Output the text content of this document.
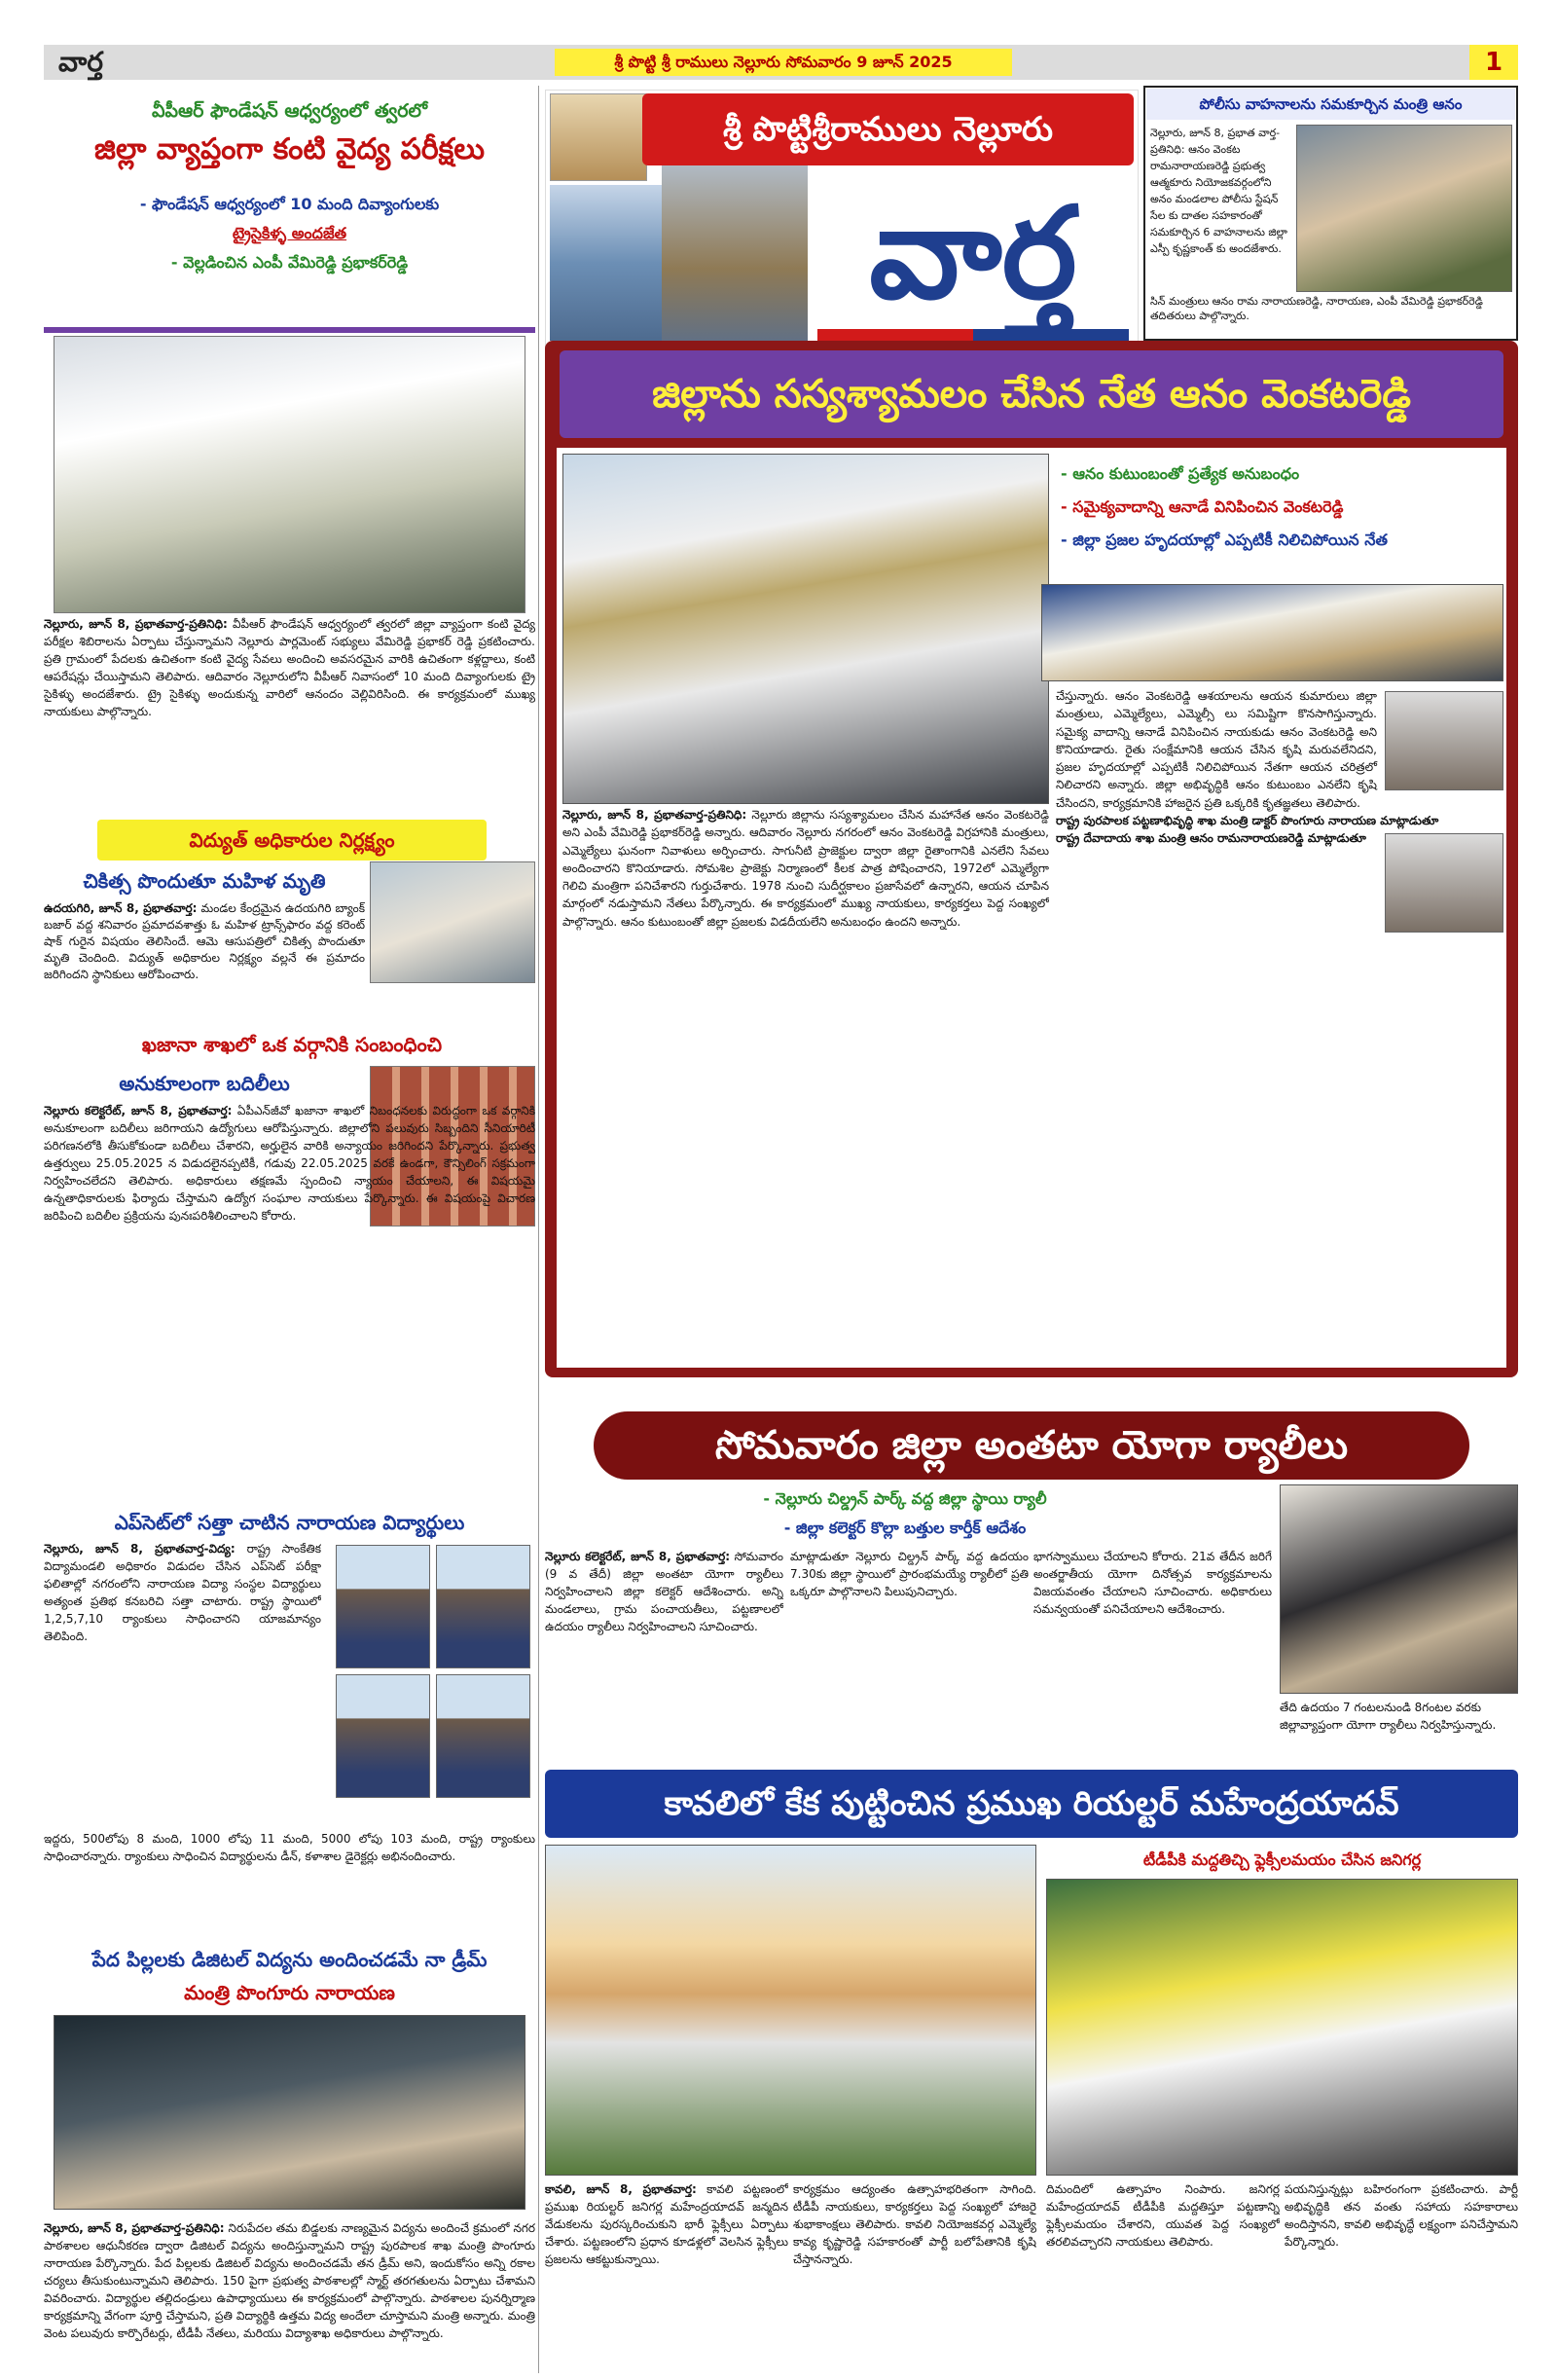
వార్త	శ్రీ పొట్టి శ్రీ రాములు నెల్లూరు సోమవారం 9 జూన్ 2025	1
శ్రీ పొట్టిశ్రీరాములు నెల్లూరు
వార్త
పోలీసు వాహనాలను సమకూర్చిన మంత్రి ఆనం
నెల్లూరు, జూన్ 8, ప్రభాత వార్త-ప్రతినిధి: ఆనం వెంకట రామనారాయణరెడ్డి ప్రభుత్వ ఆత్మకూరు నియోజకవర్గంలోని అనం మండలాల పోలీసు స్టేషన్ సేల కు దాతల సహకారంతో సమకూర్చిన 6 వాహనాలను జిల్లా ఎస్పీ కృష్ణకాంత్ కు అందజేశారు.
సిన్ మంత్రులు ఆనం రామ నారాయణరెడ్డి, నారాయణ, ఎంపీ వేమిరెడ్డి ప్రభాకర్‌రెడ్డి తదితరులు పాల్గొన్నారు.
వీపీఆర్ ఫౌండేషన్ ఆధ్వర్యంలో త్వరలో
జిల్లా వ్యాప్తంగా కంటి వైద్య పరీక్షలు
- ఫౌండేషన్ ఆధ్వర్యంలో 10 మంది దివ్యాంగులకు
ట్రైసైకిళ్ళ అందజేత
- వెల్లడించిన ఎంపీ వేమిరెడ్డి ప్రభాకర్‌రెడ్డి
నెల్లూరు, జూన్ 8, ప్రభాతవార్త-ప్రతినిధి: వీపీఆర్ ఫౌండేషన్ ఆధ్వర్యంలో త్వరలో జిల్లా వ్యాప్తంగా కంటి వైద్య పరీక్షల శిబిరాలను ఏర్పాటు చేస్తున్నామని నెల్లూరు పార్లమెంట్ సభ్యులు వేమిరెడ్డి ప్రభాకర్ రెడ్డి ప్రకటించారు. ప్రతి గ్రామంలో పేదలకు ఉచితంగా కంటి వైద్య సేవలు అందించి అవసరమైన వారికి ఉచితంగా కళ్లద్దాలు, కంటి ఆపరేషన్లు చేయిస్తామని తెలిపారు. ఆదివారం నెల్లూరులోని వీపీఆర్ నివాసంలో 10 మంది దివ్యాంగులకు ట్రై సైకిళ్ళు అందజేశారు. ట్రై సైకిళ్ళు అందుకున్న వారిలో ఆనందం వెల్లివిరిసింది. ఈ కార్యక్రమంలో ముఖ్య నాయకులు పాల్గొన్నారు.
విద్యుత్ అధికారుల నిర్లక్ష్యం
చికిత్స పొందుతూ మహిళ మృతి
ఉదయగిరి, జూన్ 8, ప్రభాతవార్త: మండల కేంద్రమైన ఉదయగిరి బ్యాంక్ బజార్ వద్ద శనివారం ప్రమాదవశాత్తు ఓ మహిళ ట్రాన్స్‌ఫారం వద్ద కరెంట్ షాక్ గురైన విషయం తెలిసిందే. ఆమె ఆసుపత్రిలో చికిత్స పొందుతూ మృతి చెందింది. విద్యుత్ అధికారుల నిర్లక్ష్యం వల్లనే ఈ ప్రమాదం జరిగిందని స్థానికులు ఆరోపించారు.
ఖజానా శాఖలో ఒక వర్గానికి సంబంధించి
అనుకూలంగా బదిలీలు
నెల్లూరు కలెక్టరేట్, జూన్ 8, ప్రభాతవార్త: ఏపీఎన్‌జీవో ఖజానా శాఖలో నిబంధనలకు విరుద్ధంగా ఒక వర్గానికి అనుకూలంగా బదిలీలు జరిగాయని ఉద్యోగులు ఆరోపిస్తున్నారు. జిల్లాలోని పలువురు సిబ్బందిని సీనియారిటీ పరిగణనలోకి తీసుకోకుండా బదిలీలు చేశారని, అర్హులైన వారికి అన్యాయం జరిగిందని పేర్కొన్నారు. ప్రభుత్వ ఉత్తర్వులు 25.05.2025 న విడుదలైనప్పటికీ, గడువు 22.05.2025 వరకే ఉండగా, కౌన్సిలింగ్ సక్రమంగా నిర్వహించలేదని తెలిపారు. అధికారులు తక్షణమే స్పందించి న్యాయం చేయాలని, ఈ విషయమై ఉన్నతాధికారులకు ఫిర్యాదు చేస్తామని ఉద్యోగ సంఘాల నాయకులు పేర్కొన్నారు. ఈ విషయంపై విచారణ జరిపించి బదిలీల ప్రక్రియను పునఃపరిశీలించాలని కోరారు.
ఎప్‌సెట్‌లో సత్తా చాటిన నారాయణ విద్యార్థులు
నెల్లూరు, జూన్ 8, ప్రభాతవార్త-విద్య: రాష్ట్ర సాంకేతిక విద్యామండలి అధికారం విడుదల చేసిన ఎప్‌సెట్ పరీక్షా ఫలితాల్లో నగరంలోని నారాయణ విద్యా సంస్థల విద్యార్థులు అత్యంత ప్రతిభ కనబరిచి సత్తా చాటారు. రాష్ట్ర స్థాయిలో 1,2,5,7,10 ర్యాంకులు సాధించారని యాజమాన్యం తెలిపింది.
ఇద్దరు, 500లోపు 8 మంది, 1000 లోపు 11 మంది, 5000 లోపు 103 మంది, రాష్ట్ర ర్యాంకులు సాధించారన్నారు. ర్యాంకులు సాధించిన విద్యార్థులను డీన్, కళాశాల డైరెక్టర్లు అభినందించారు.
పేద పిల్లలకు డిజిటల్ విద్యను అందించడమే నా డ్రీమ్
మంత్రి పొంగూరు నారాయణ
నెల్లూరు, జూన్ 8, ప్రభాతవార్త-ప్రతినిధి: నిరుపేదల తమ బిడ్డలకు నాణ్యమైన విద్యను అందించే క్రమంలో నగర పాఠశాలల ఆధునీకరణ ద్వారా డిజిటల్ విద్యను అందిస్తున్నామని రాష్ట్ర పురపాలక శాఖ మంత్రి పొంగూరు నారాయణ పేర్కొన్నారు. పేద పిల్లలకు డిజిటల్ విద్యను అందించడమే తన డ్రీమ్ అని, ఇందుకోసం అన్ని రకాల చర్యలు తీసుకుంటున్నామని తెలిపారు. 150 పైగా ప్రభుత్వ పాఠశాలల్లో స్మార్ట్ తరగతులను ఏర్పాటు చేశామని వివరించారు. విద్యార్థుల తల్లిదండ్రులు ఉపాధ్యాయులు ఈ కార్యక్రమంలో పాల్గొన్నారు. పాఠశాలల పునర్నిర్మాణ కార్యక్రమాన్ని వేగంగా పూర్తి చేస్తామని, ప్రతి విద్యార్థికి ఉత్తమ విద్య అందేలా చూస్తామని మంత్రి అన్నారు. మంత్రి వెంట పలువురు కార్పొరేటర్లు, టీడీపీ నేతలు, మరియు విద్యాశాఖ అధికారులు పాల్గొన్నారు.
జిల్లాను సస్యశ్యామలం చేసిన నేత ఆనం వెంకటరెడ్డి
- ఆనం కుటుంబంతో ప్రత్యేక అనుబంధం
- సమైక్యవాదాన్ని ఆనాడే వినిపించిన వెంకటరెడ్డి
- జిల్లా ప్రజల హృదయాల్లో ఎప్పటికీ నిలిచిపోయిన నేత
నెల్లూరు, జూన్ 8, ప్రభాతవార్త-ప్రతినిధి: నెల్లూరు జిల్లాను సస్యశ్యామలం చేసిన మహానేత ఆనం వెంకటరెడ్డి అని ఎంపీ వేమిరెడ్డి ప్రభాకర్‌రెడ్డి అన్నారు. ఆదివారం నెల్లూరు నగరంలో ఆనం వెంకటరెడ్డి విగ్రహానికి మంత్రులు, ఎమ్మెల్యేలు ఘనంగా నివాళులు అర్పించారు. సాగునీటి ప్రాజెక్టుల ద్వారా జిల్లా రైతాంగానికి ఎనలేని సేవలు అందించారని కొనియాడారు. సోమశిల ప్రాజెక్టు నిర్మాణంలో కీలక పాత్ర పోషించారని, 1972లో ఎమ్మెల్యేగా గెలిచి మంత్రిగా పనిచేశారని గుర్తుచేశారు. 1978 నుంచి సుదీర్ఘకాలం ప్రజాసేవలో ఉన్నారని, ఆయన చూపిన మార్గంలో నడుస్తామని నేతలు పేర్కొన్నారు. ఈ కార్యక్రమంలో ముఖ్య నాయకులు, కార్యకర్తలు పెద్ద సంఖ్యలో పాల్గొన్నారు. ఆనం కుటుంబంతో జిల్లా ప్రజలకు విడదీయలేని అనుబంధం ఉందని అన్నారు.
చేస్తున్నారు. ఆనం వెంకటరెడ్డి ఆశయాలను ఆయన కుమారులు జిల్లా మంత్రులు, ఎమ్మెల్యేలు, ఎమ్మెల్సీ లు సమిష్టిగా కొనసాగిస్తున్నారు. సమైక్య వాదాన్ని ఆనాడే వినిపించిన నాయకుడు ఆనం వెంకటరెడ్డి అని కొనియాడారు. రైతు సంక్షేమానికి ఆయన చేసిన కృషి మరువలేనిదని, ప్రజల హృదయాల్లో ఎప్పటికీ నిలిచిపోయిన నేతగా ఆయన చరిత్రలో నిలిచారని అన్నారు. జిల్లా అభివృద్ధికి ఆనం కుటుంబం ఎనలేని కృషి చేసిందని, కార్యక్రమానికి హాజరైన ప్రతి ఒక్కరికి కృతజ్ఞతలు తెలిపారు.
రాష్ట్ర పురపాలక పట్టణాభివృద్ధి శాఖ మంత్రి డాక్టర్ పొంగూరు నారాయణ మాట్లాడుతూ

రాష్ట్ర దేవాదాయ శాఖ మంత్రి ఆనం రామనారాయణరెడ్డి మాట్లాడుతూ
సోమవారం జిల్లా అంతటా యోగా ర్యాలీలు
- నెల్లూరు చిల్డ్రన్ పార్క్ వద్ద జిల్లా స్థాయి ర్యాలీ
- జిల్లా కలెక్టర్ కొల్లా బత్తుల కార్తీక్ ఆదేశం
నెల్లూరు కలెక్టరేట్, జూన్ 8, ప్రభాతవార్త: సోమవారం (9 వ తేదీ) జిల్లా అంతటా యోగా ర్యాలీలు నిర్వహించాలని జిల్లా కలెక్టర్ ఆదేశించారు. అన్ని మండలాలు, గ్రామ పంచాయతీలు, పట్టణాలలో ఉదయం ర్యాలీలు నిర్వహించాలని సూచించారు.
మాట్లాడుతూ నెల్లూరు చిల్డ్రన్ పార్క్ వద్ద ఉదయం 7.30కు జిల్లా స్థాయిలో ప్రారంభమయ్యే ర్యాలీలో ప్రతి ఒక్కరూ పాల్గొనాలని పిలుపునిచ్చారు.
భాగస్వాములు చేయాలని కోరారు. 21వ తేదీన జరిగే అంతర్జాతీయ యోగా దినోత్సవ కార్యక్రమాలను విజయవంతం చేయాలని సూచించారు. అధికారులు సమన్వయంతో పనిచేయాలని ఆదేశించారు.
తేది ఉదయం 7 గంటలనుండి 8గంటల వరకు జిల్లావ్యాప్తంగా యోగా ర్యాలీలు నిర్వహిస్తున్నారు.
కావలిలో కేక పుట్టించిన ప్రముఖ రియల్టర్ మహేంద్రయాదవ్
కావలి, జూన్ 8, ప్రభాతవార్త: కావలి పట్టణంలో ప్రముఖ రియల్టర్ జనిగర్ల మహేంద్రయాదవ్ జన్మదిన వేడుకలను పురస్కరించుకుని భారీ ఫ్లెక్సీలు ఏర్పాటు చేశారు. పట్టణంలోని ప్రధాన కూడళ్లలో వెలసిన ఫ్లెక్సీలు ప్రజలను ఆకట్టుకున్నాయి.
కార్యక్రమం ఆద్యంతం ఉత్సాహభరితంగా సాగింది. టీడీపీ నాయకులు, కార్యకర్తలు పెద్ద సంఖ్యలో హాజరై శుభాకాంక్షలు తెలిపారు. కావలి నియోజకవర్గ ఎమ్మెల్యే కావ్య కృష్ణారెడ్డి సహకారంతో పార్టీ బలోపేతానికి కృషి చేస్తానన్నారు.
టీడీపీకి మద్దతిచ్చి ఫ్లెక్సీలమయం చేసిన జనిగర్ల
దిమందిలో ఉత్సాహం నింపారు. జనిగర్ల మహేంద్రయాదవ్ టీడీపీకి మద్దతిస్తూ పట్టణాన్ని ఫ్లెక్సీలమయం చేశారని, యువత పెద్ద సంఖ్యలో తరలివచ్చారని నాయకులు తెలిపారు.
పయనిస్తున్నట్లు బహిరంగంగా ప్రకటించారు. పార్టీ అభివృద్ధికి తన వంతు సహాయ సహకారాలు అందిస్తానని, కావలి అభివృద్ధే లక్ష్యంగా పనిచేస్తామని పేర్కొన్నారు.
